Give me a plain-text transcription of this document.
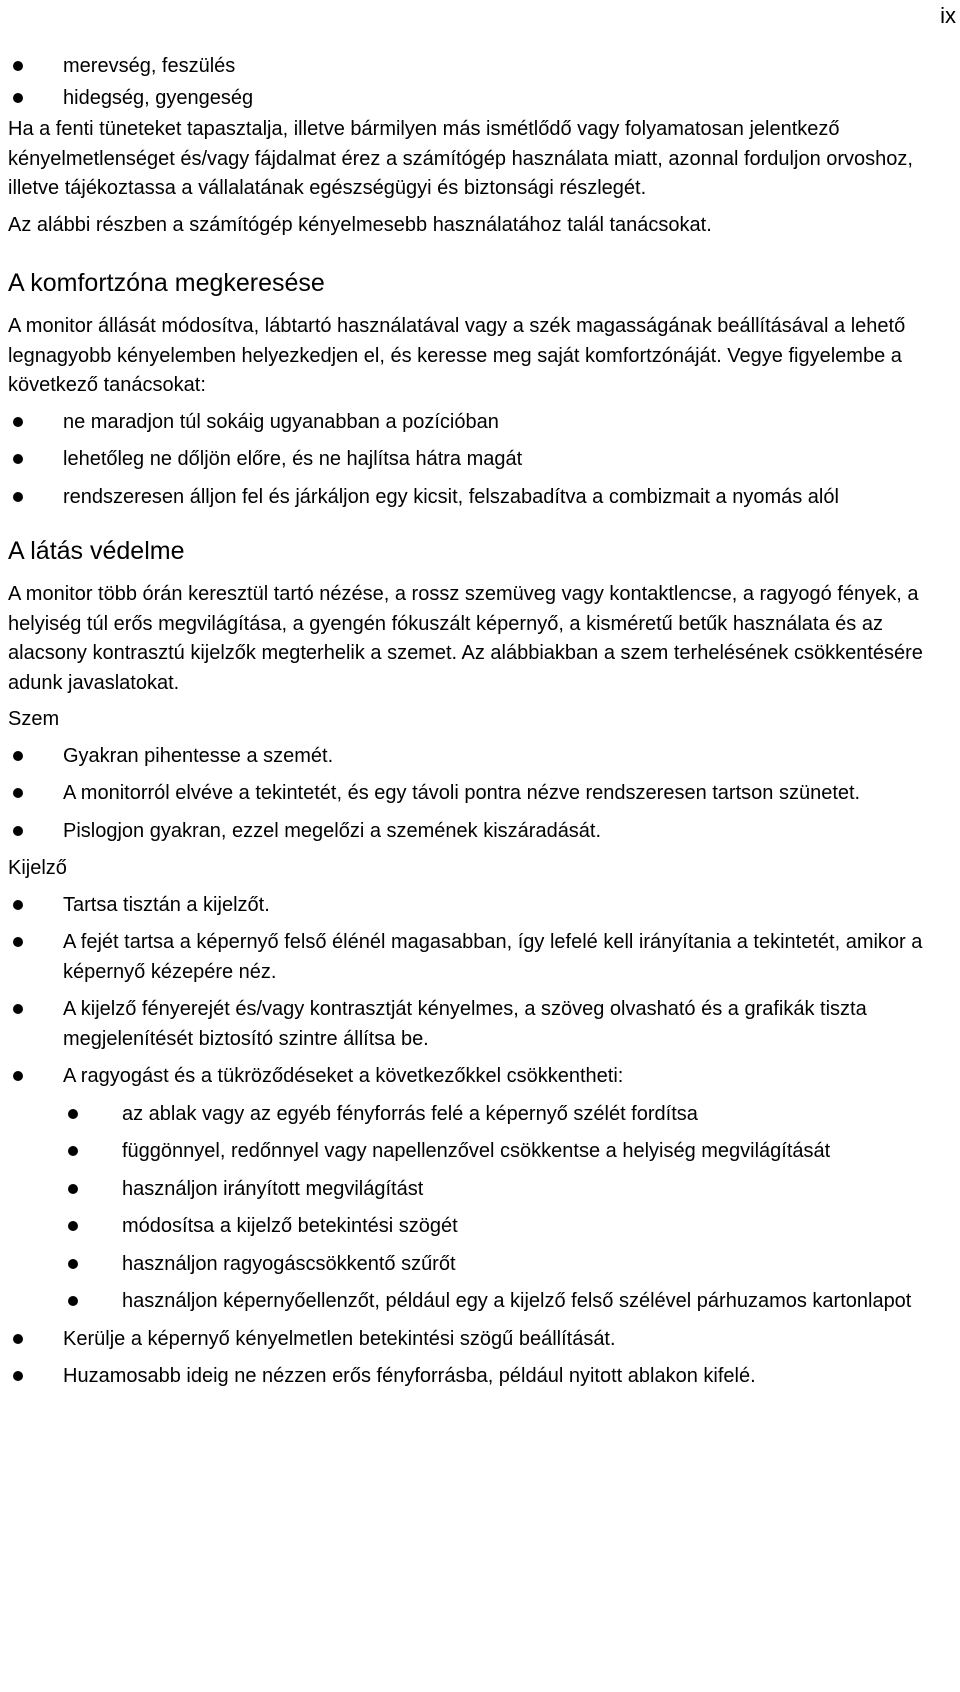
ix
merevség, feszülés
hidegség, gyengeség

Ha a fenti tüneteket tapasztalja, illetve bármilyen más ismétlődő vagy folyamatosan jelentkező kényelmetlenséget és/vagy fájdalmat érez a számítógép használata miatt, azonnal forduljon orvoshoz, illetve tájékoztassa a vállalatának egészségügyi és biztonsági részlegét.

Az alábbi részben a számítógép kényelmesebb használatához talál tanácsokat.

A komfortzóna megkeresése

A monitor állását módosítva, lábtartó használatával vagy a szék magasságának beállításával a lehető legnagyobb kényelemben helyezkedjen el, és keresse meg saját komfortzónáját. Vegye figyelembe a következő tanácsokat:

ne maradjon túl sokáig ugyanabban a pozícióban
lehetőleg ne dőljön előre, és ne hajlítsa hátra magát
rendszeresen álljon fel és járkáljon egy kicsit, felszabadítva a combizmait a nyomás alól
A látás védelme

A monitor több órán keresztül tartó nézése, a rossz szemüveg vagy kontaktlencse, a ragyogó fények, a helyiség túl erős megvilágítása, a gyengén fókuszált képernyő, a kisméretű betűk használata és az alacsony kontrasztú kijelzők megterhelik a szemet. Az alábbiakban a szem terhelésének csökkentésére adunk javaslatokat.

Szem

Gyakran pihentesse a szemét.
A monitorról elvéve a tekintetét, és egy távoli pontra nézve rendszeresen tartson szünetet.
Pislogjon gyakran, ezzel megelőzi a szemének kiszáradását.

Kijelző

Tartsa tisztán a kijelzőt.
A fejét tartsa a képernyő felső élénél magasabban, így lefelé kell irányítania a tekintetét, amikor a képernyő kézepére néz.
A kijelző fényerejét és/vagy kontrasztját kényelmes, a szöveg olvasható és a grafikák tiszta megjelenítését biztosító szintre állítsa be.
A ragyogást és a tükröződéseket a következőkkel csökkentheti:
az ablak vagy az egyéb fényforrás felé a képernyő szélét fordítsa
függönnyel, redőnnyel vagy napellenzővel csökkentse a helyiség megvilágítását
használjon irányított megvilágítást
módosítsa a kijelző betekintési szögét
használjon ragyogáscsökkentő szűrőt
használjon képernyőellenzőt, például egy a kijelző felső szélével párhuzamos kartonlapot
Kerülje a képernyő kényelmetlen betekintési szögű beállítását.
Huzamosabb ideig ne nézzen erős fényforrásba, például nyitott ablakon kifelé.
